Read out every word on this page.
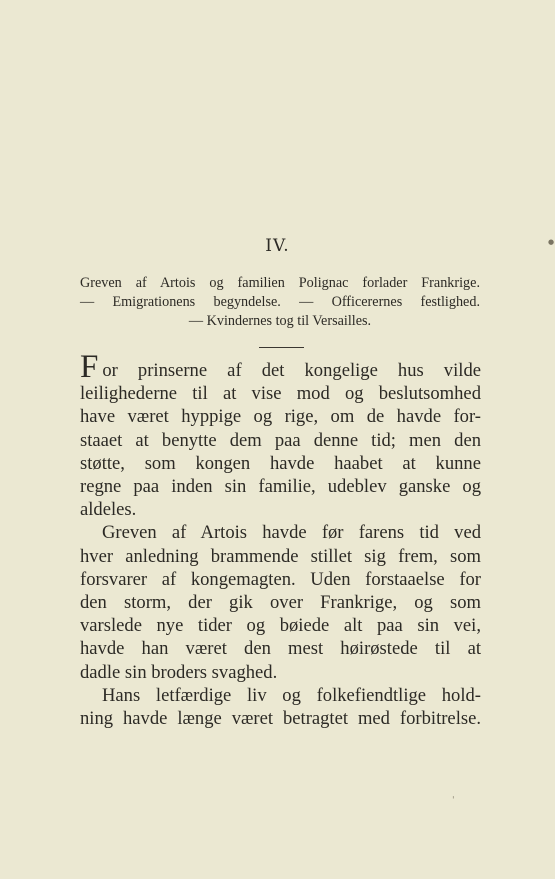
IV.
Greven af Artois og familien Polignac forlader Frankrige.
— Emigrationens begyndelse. — Officerernes festlighed.
— Kvindernes tog til Versailles.
For prinserne af det kongelige hus vilde
leilighederne til at vise mod og beslutsomhed
have været hyppige og rige, om de havde for-
staaet at benytte dem paa denne tid; men den
støtte, som kongen havde haabet at kunne
regne paa inden sin familie, udeblev ganske og
aldeles.
Greven af Artois havde før farens tid ved
hver anledning brammende stillet sig frem, som
forsvarer af kongemagten. Uden forstaaelse for
den storm, der gik over Frankrige, og som
varslede nye tider og bøiede alt paa sin vei,
havde han været den mest høirøstede til at
dadle sin broders svaghed.
Hans letfærdige liv og folkefiendtlige hold-
ning havde længe været betragtet med forbitrelse.
●
ˈ
